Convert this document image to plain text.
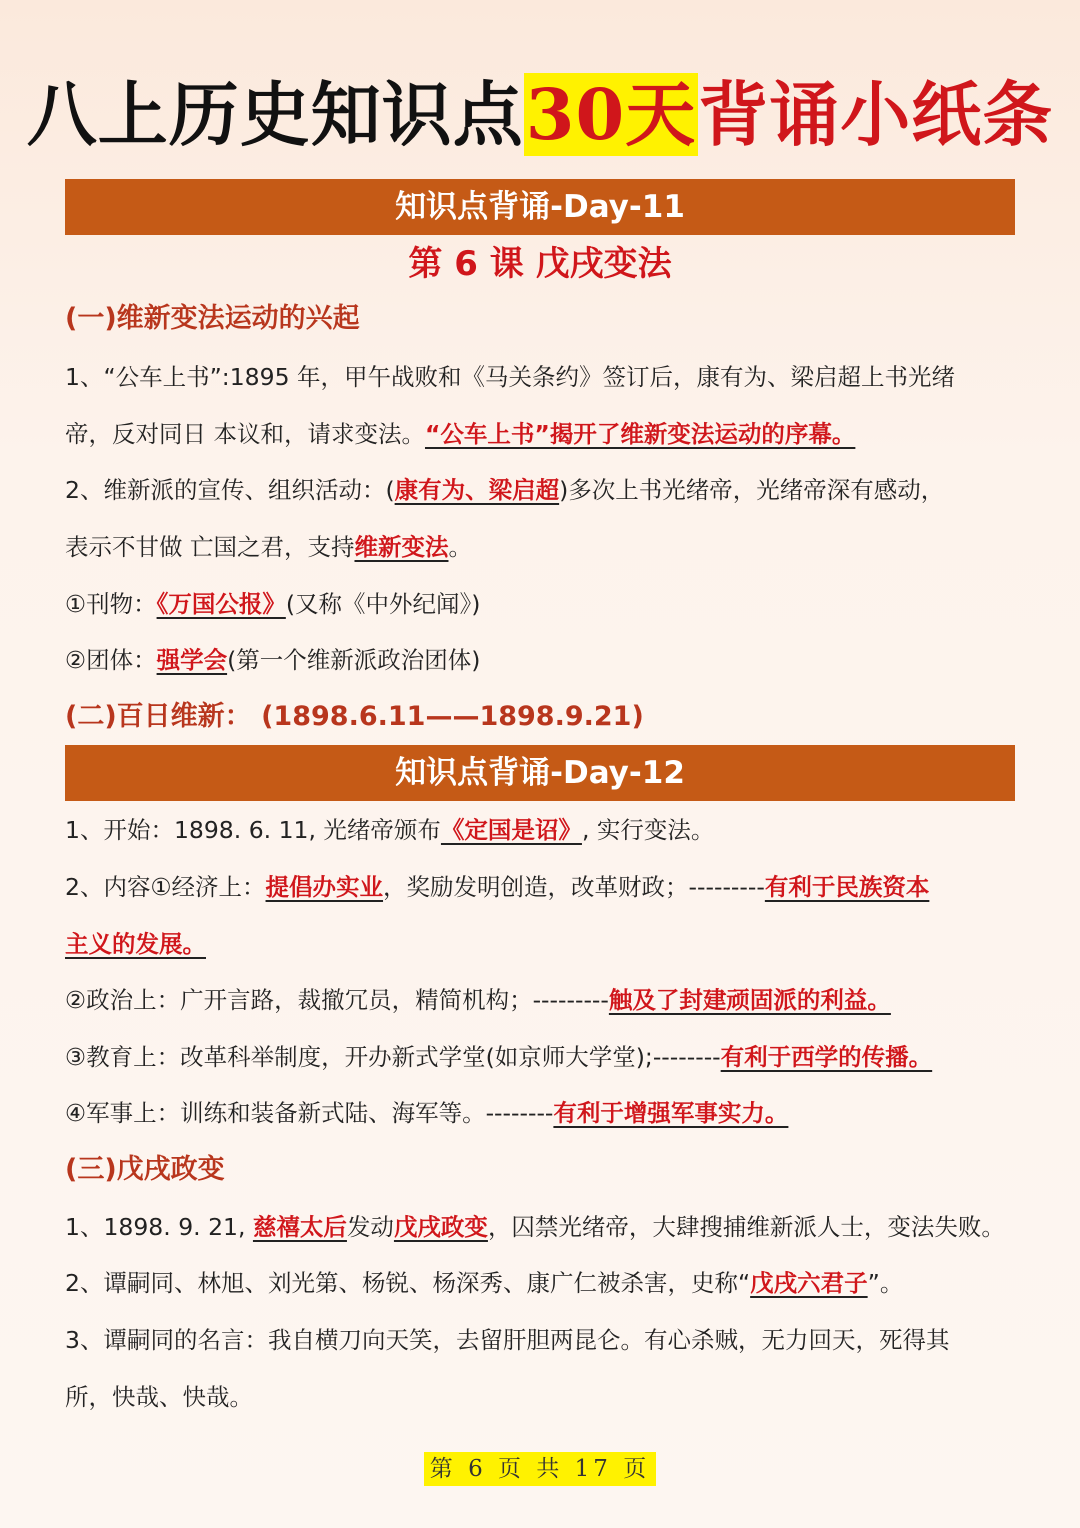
八上历史知识点30天背诵小纸条
知识点背诵-Day-11
第 6 课 戊戌变法
(一)维新变法运动的兴起
1、“公车上书”:1895 年，甲午战败和《马关条约》签订后，康有为、梁启超上书光绪
帝，反对同日 本议和，请求变法。“公车上书”揭开了维新变法运动的序幕。
2、维新派的宣传、组织活动：(康有为、梁启超)多次上书光绪帝，光绪帝深有感动，
表示不甘做 亡国之君，支持维新变法。
①刊物：《万国公报》(又称《中外纪闻》)
②团体：强学会(第一个维新派政治团体)
(二)百日维新： (1898.6.11——1898.9.21)
知识点背诵-Day-12
1、开始：1898. 6. 11, 光绪帝颁布《定国是诏》, 实行变法。
2、内容①经济上：提倡办实业，奖励发明创造，改革财政；---------有利于民族资本
主义的发展。
②政治上：广开言路，裁撤冗员，精简机构；---------触及了封建顽固派的利益。
③教育上：改革科举制度，开办新式学堂(如京师大学堂);--------有利于西学的传播。
④军事上：训练和装备新式陆、海军等。--------有利于增强军事实力。
(三)戊戌政变
1、1898. 9. 21, 慈禧太后发动戊戌政变，囚禁光绪帝，大肆搜捕维新派人士，变法失败。
2、谭嗣同、林旭、刘光第、杨锐、杨深秀、康广仁被杀害，史称“戊戌六君子”。
3、谭嗣同的名言：我自横刀向天笑，去留肝胆两昆仑。有心杀贼，无力回天，死得其
所，快哉、快哉。
第 6 页 共 17 页
